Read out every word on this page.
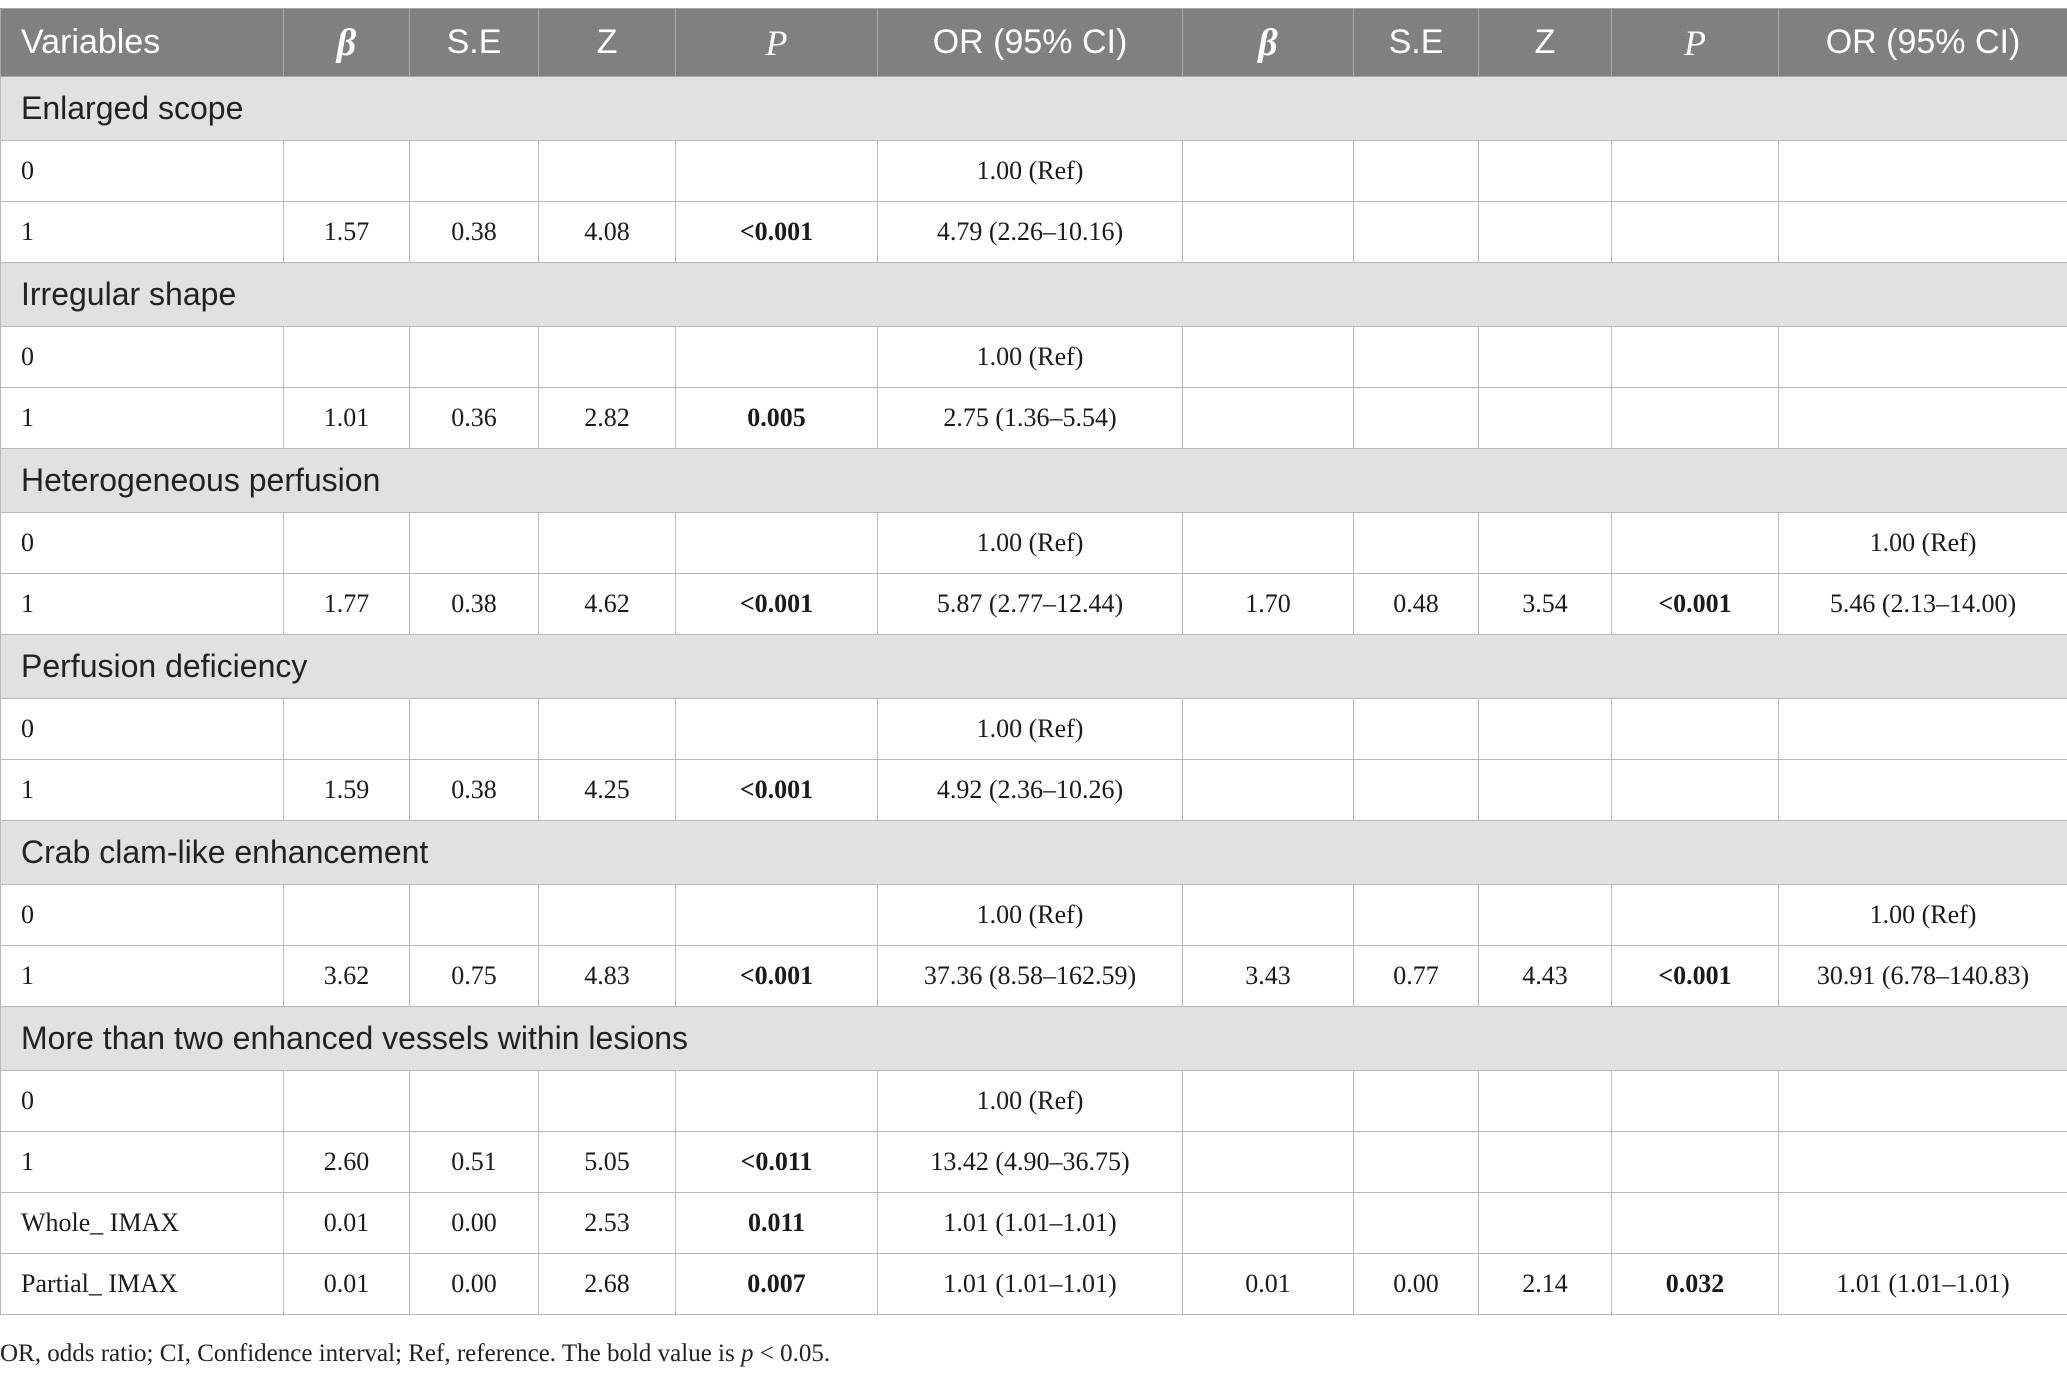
Variables	β	S.E	Z	P	OR (95% CI)	β	S.E	Z	P	OR (95% CI)
Enlarged scope										
0					1.00 (Ref)					
1	1.57	0.38	4.08	<0.001	4.79 (2.26–10.16)					
Irregular shape										
0					1.00 (Ref)					
1	1.01	0.36	2.82	0.005	2.75 (1.36–5.54)					
Heterogeneous perfusion										
0					1.00 (Ref)					1.00 (Ref)
1	1.77	0.38	4.62	<0.001	5.87 (2.77–12.44)	1.70	0.48	3.54	<0.001	5.46 (2.13–14.00)
Perfusion deficiency										
0					1.00 (Ref)					
1	1.59	0.38	4.25	<0.001	4.92 (2.36–10.26)					
Crab clam-like enhancement										
0					1.00 (Ref)					1.00 (Ref)
1	3.62	0.75	4.83	<0.001	37.36 (8.58–162.59)	3.43	0.77	4.43	<0.001	30.91 (6.78–140.83)
More than two enhanced vessels within lesions										
0					1.00 (Ref)					
1	2.60	0.51	5.05	<0.011	13.42 (4.90–36.75)					
Whole_ IMAX	0.01	0.00	2.53	0.011	1.01 (1.01–1.01)					
Partial_ IMAX	0.01	0.00	2.68	0.007	1.01 (1.01–1.01)	0.01	0.00	2.14	0.032	1.01 (1.01–1.01)
OR, odds ratio; CI, Confidence interval; Ref, reference. The bold value is p < 0.05.
